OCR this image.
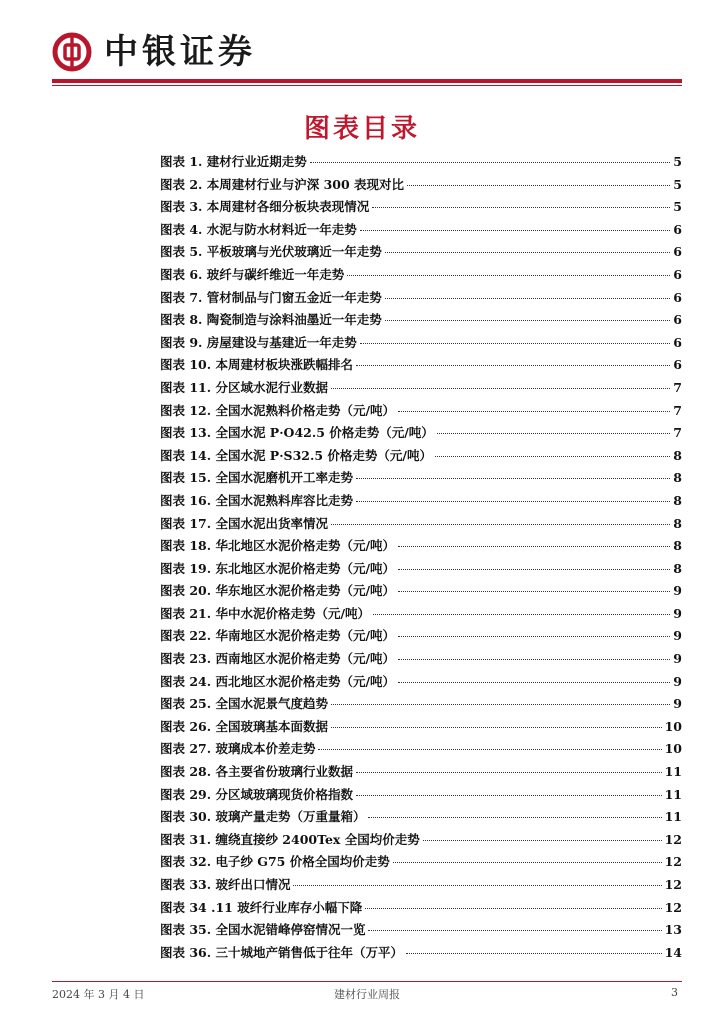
中银证券
图表目录
图表 1. 建材行业近期走势	5
图表 2. 本周建材行业与沪深 300 表现对比	5
图表 3. 本周建材各细分板块表现情况	5
图表 4. 水泥与防水材料近一年走势	6
图表 5. 平板玻璃与光伏玻璃近一年走势	6
图表 6. 玻纤与碳纤维近一年走势	6
图表 7. 管材制品与门窗五金近一年走势	6
图表 8. 陶瓷制造与涂料油墨近一年走势	6
图表 9. 房屋建设与基建近一年走势	6
图表 10. 本周建材板块涨跌幅排名	6
图表 11. 分区域水泥行业数据	7
图表 12. 全国水泥熟料价格走势（元/吨）	7
图表 13. 全国水泥 P·O42.5 价格走势（元/吨）	7
图表 14. 全国水泥 P·S32.5 价格走势（元/吨）	8
图表 15. 全国水泥磨机开工率走势	8
图表 16. 全国水泥熟料库容比走势	8
图表 17. 全国水泥出货率情况	8
图表 18. 华北地区水泥价格走势（元/吨）	8
图表 19. 东北地区水泥价格走势（元/吨）	8
图表 20. 华东地区水泥价格走势（元/吨）	9
图表 21. 华中水泥价格走势（元/吨）	9
图表 22. 华南地区水泥价格走势（元/吨）	9
图表 23. 西南地区水泥价格走势（元/吨）	9
图表 24. 西北地区水泥价格走势（元/吨）	9
图表 25. 全国水泥景气度趋势	9
图表 26. 全国玻璃基本面数据	10
图表 27. 玻璃成本价差走势	10
图表 28. 各主要省份玻璃行业数据	11
图表 29. 分区域玻璃现货价格指数	11
图表 30. 玻璃产量走势（万重量箱）	11
图表 31. 缠绕直接纱 2400Tex 全国均价走势	12
图表 32. 电子纱 G75 价格全国均价走势	12
图表 33. 玻纤出口情况	12
图表 34 .11 玻纤行业库存小幅下降	12
图表 35. 全国水泥错峰停窑情况一览	13
图表 36. 三十城地产销售低于往年（万平）	14
2024 年 3 月 4 日	建材行业周报	3
